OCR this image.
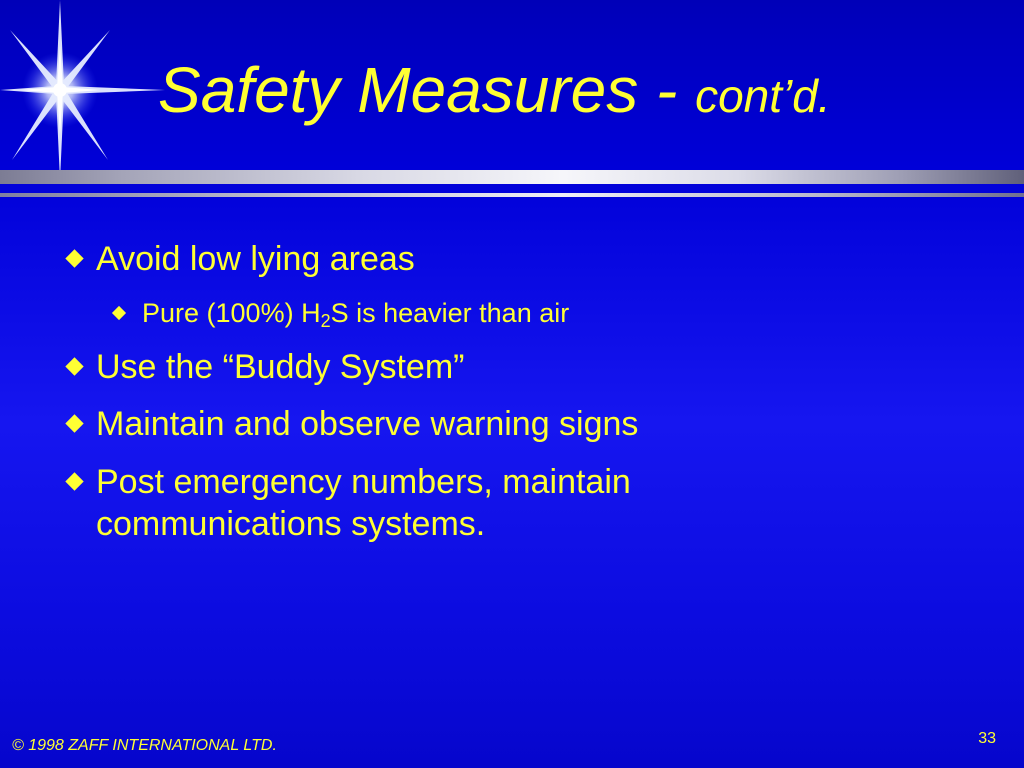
Safety Measures - cont’d.
Avoid low lying areas
Pure (100%) $H_2S$ is heavier than air
Use the “Buddy System”
Maintain and observe warning signs
Post emergency numbers, maintain communications systems.
© 1998 ZAFF INTERNATIONAL LTD.	33
